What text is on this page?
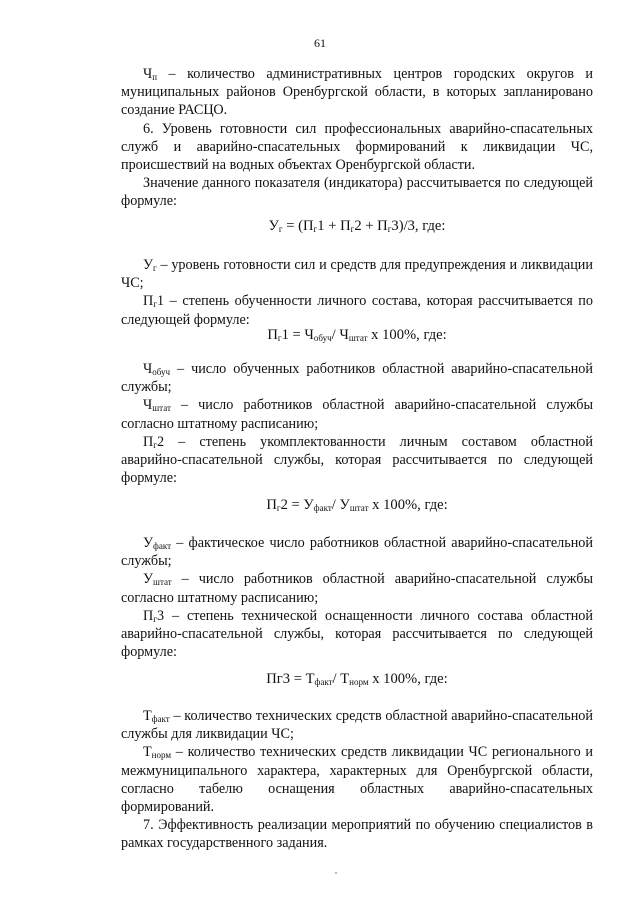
61

$Ч_п$ – количество административных центров городских округов и муниципальных районов Оренбургской области, в которых запланировано создание РАСЦО.

6. Уровень готовности сил профессиональных аварийно-спасательных служб и аварийно-спасательных формирований к ликвидации ЧС, происшествий на водных объектах Оренбургской области.

Значение данного показателя (индикатора) рассчитывается по следующей формуле:

$У_г = (П_г1 + П_г2 + П_г3)/3$, где:

$У_г$ – уровень готовности сил и средств для предупреждения и ликвидации ЧС;

$П_г1$ – степень обученности личного состава, которая рассчитывается по следующей формуле:

$П_г1 = Ч_{обуч}/$ $Ч_{штат}$ х 100%, где:

$Ч_{обуч}$ – число обученных работников областной аварийно-спасательной службы;

$Ч_{штат}$ – число работников областной аварийно-спасательной службы согласно штатному расписанию;

$П_г2$ – степень укомплектованности личным составом областной аварийно-спасательной службы, которая рассчитывается по следующей формуле:

$П_г2 = У_{факт}/$ $У_{штат}$ х 100%, где:

$У_{факт}$ – фактическое число работников областной аварийно-спасательной службы;

$У_{штат}$ – число работников областной аварийно-спасательной службы согласно штатному расписанию;

$П_г3$ – степень технической оснащенности личного состава областной аварийно-спасательной службы, которая рассчитывается по следующей формуле:

$Пг3 = Т_{факт}/$ $Т_{норм}$ х 100%, где:

$Т_{факт}$ – количество технических средств областной аварийно-спасательной службы для ликвидации ЧС;

$Т_{норм}$ – количество технических средств ликвидации ЧС регионального и межмуниципального характера, характерных для Оренбургской области, согласно табелю оснащения областных аварийно-спасательных формирований.

7. Эффективность реализации мероприятий по обучению специалистов в рамках государственного задания.
